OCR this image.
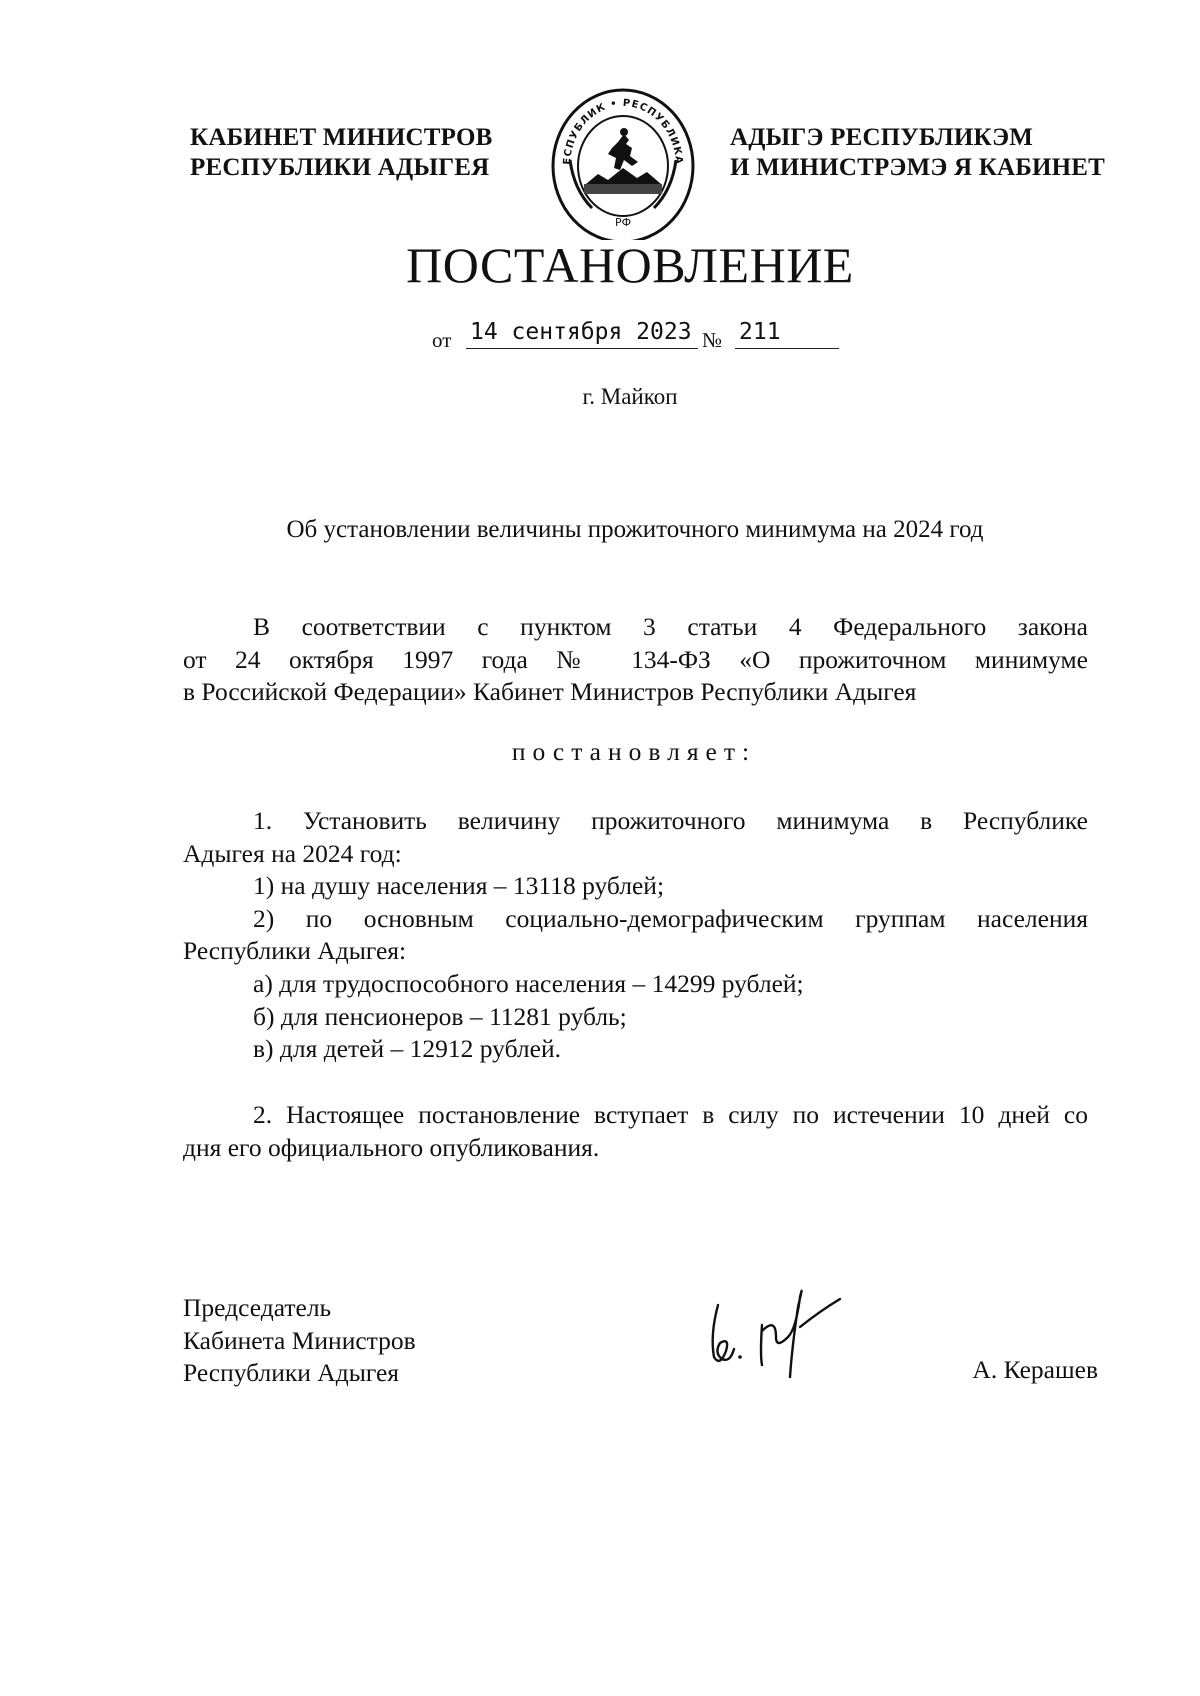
КАБИНЕТ МИНИСТРОВ
РЕСПУБЛИКИ АДЫГЕЯ	ЕСПУБЛИК • РЕСПУБЛИКА
РФ
АДЫГЭ РЕСПУБЛИКЭМ
И МИНИСТРЭМЭ Я КАБИНЕТ
ПОСТАНОВЛЕНИЕ
от 14 сентября 2023 № 211
г. Майкоп
Об установлении величины прожиточного минимума на 2024 год
В соответствии с пунктом 3 статьи 4 Федерального закона
от 24 октября 1997 года № 134-ФЗ «О прожиточном минимуме
в Российской Федерации» Кабинет Министров Республики Адыгея
постановляет:
1. Установить величину прожиточного минимума в Республике
Адыгея на 2024 год:
1) на душу населения – 13118 рублей;
2) по основным социально-демографическим группам населения
Республики Адыгея:
а) для трудоспособного населения – 14299 рублей;
б) для пенсионеров – 11281 рубль;
в) для детей – 12912 рублей.
2. Настоящее постановление вступает в силу по истечении 10 дней со
дня его официального опубликования.
Председатель
Кабинета Министров
Республики Адыгея	А. Керашев
